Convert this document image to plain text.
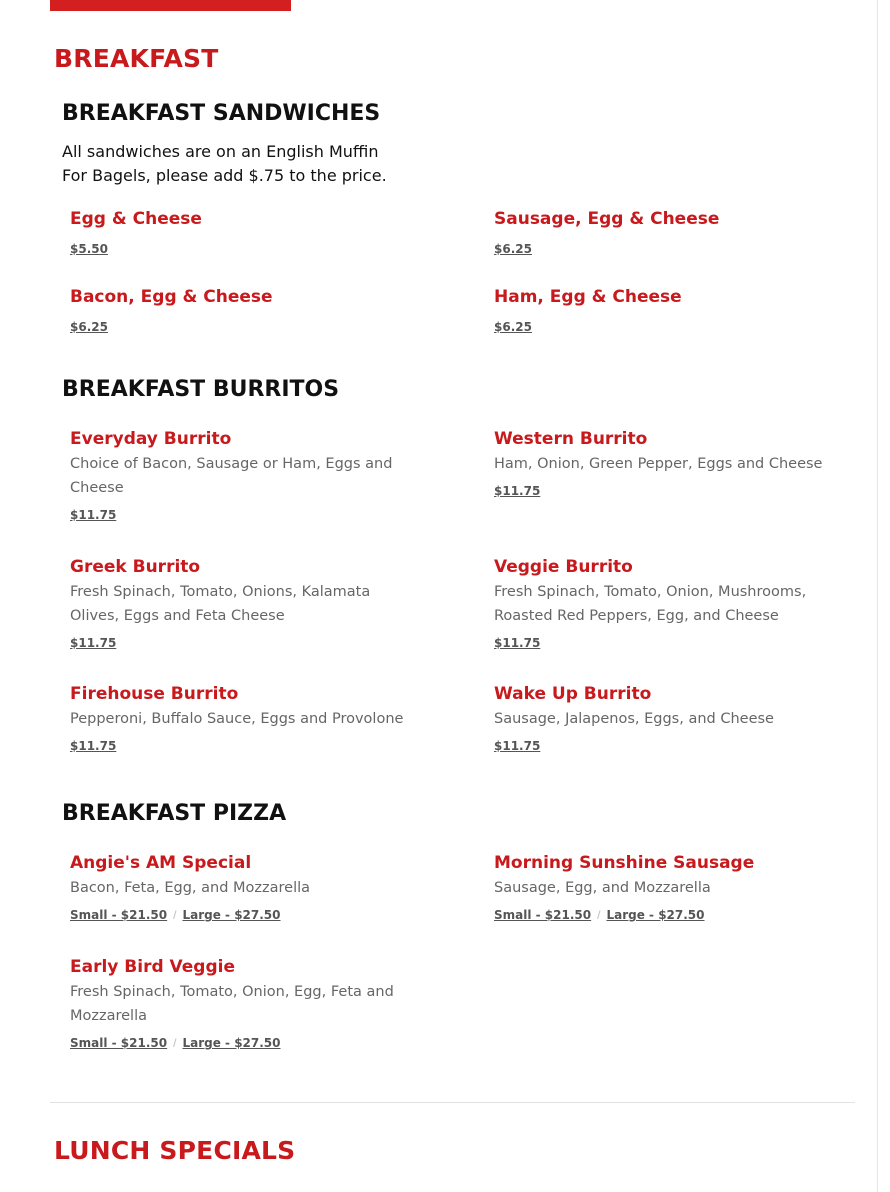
BREAKFAST
BREAKFAST SANDWICHES
All sandwiches are on an English Muffin
For Bagels, please add $.75 to the price.
Egg & Cheese
$5.50
Sausage, Egg & Cheese
$6.25
Bacon, Egg & Cheese
$6.25
Ham, Egg & Cheese
$6.25
BREAKFAST BURRITOS
Everyday Burrito
Choice of Bacon, Sausage or Ham, Eggs and Cheese
$11.75
Western Burrito
Ham, Onion, Green Pepper, Eggs and Cheese
$11.75
Greek Burrito
Fresh Spinach, Tomato, Onions, Kalamata Olives, Eggs and Feta Cheese
$11.75
Veggie Burrito
Fresh Spinach, Tomato, Onion, Mushrooms, Roasted Red Peppers, Egg, and Cheese
$11.75
Firehouse Burrito
Pepperoni, Buffalo Sauce, Eggs and Provolone
$11.75
Wake Up Burrito
Sausage, Jalapenos, Eggs, and Cheese
$11.75
BREAKFAST PIZZA
Angie's AM Special
Bacon, Feta, Egg, and Mozzarella
Small - $21.50 / Large - $27.50
Morning Sunshine Sausage
Sausage, Egg, and Mozzarella
Small - $21.50 / Large - $27.50
Early Bird Veggie
Fresh Spinach, Tomato, Onion, Egg, Feta and Mozzarella
Small - $21.50 / Large - $27.50
LUNCH SPECIALS
